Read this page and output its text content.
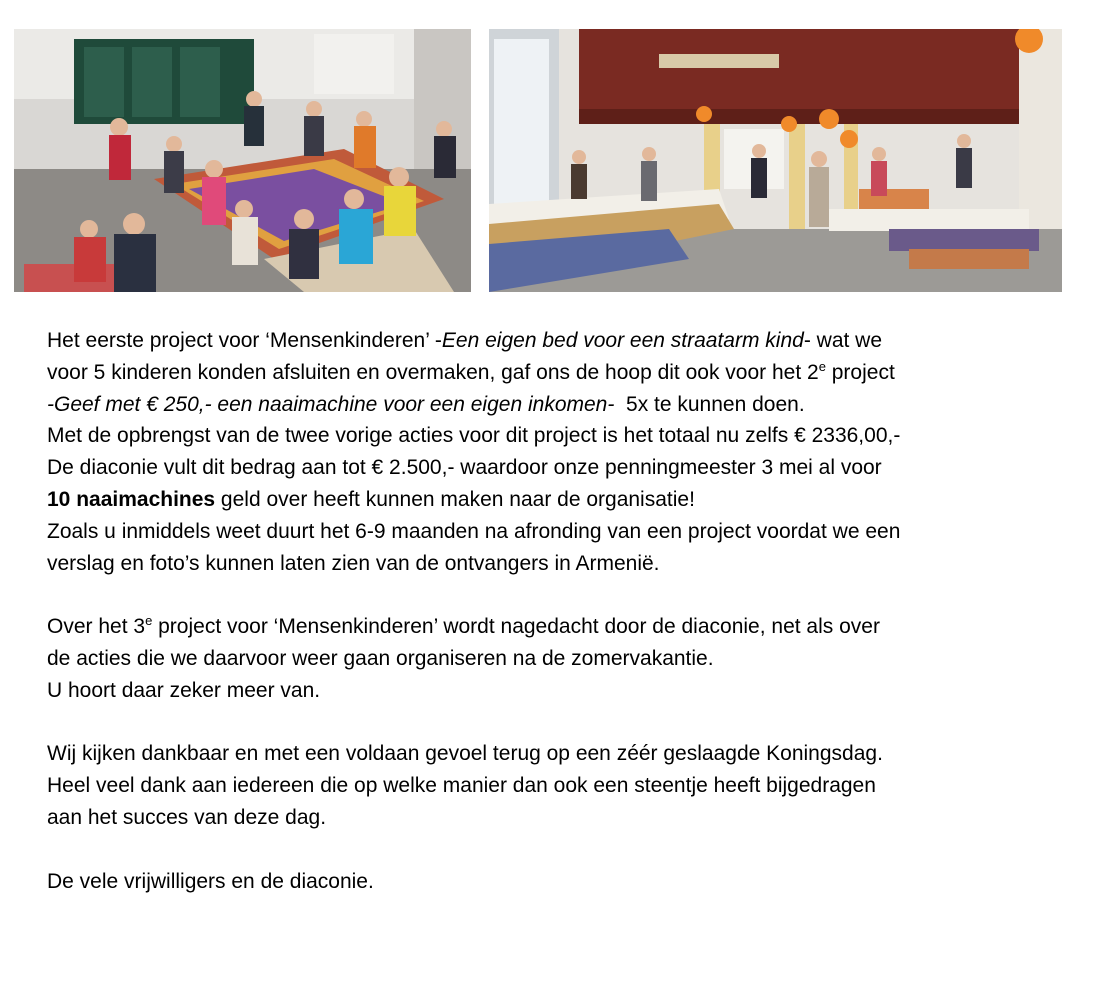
Het eerste project voor ‘Mensenkinderen’ -Een eigen bed voor een straatarm kind- wat we

voor 5 kinderen konden afsluiten en overmaken, gaf ons de hoop dit ook voor het 2e project

-Geef met € 250,- een naaimachine voor een eigen inkomen-  5x te kunnen doen.

Met de opbrengst van de twee vorige acties voor dit project is het totaal nu zelfs € 2336,00,-

De diaconie vult dit bedrag aan tot € 2.500,- waardoor onze penningmeester 3 mei al voor

10 naaimachines geld over heeft kunnen maken naar de organisatie!

Zoals u inmiddels weet duurt het 6-9 maanden na afronding van een project voordat we een

verslag en foto’s kunnen laten zien van de ontvangers in Armenië.

Over het 3e project voor ‘Mensenkinderen’ wordt nagedacht door de diaconie, net als over

de acties die we daarvoor weer gaan organiseren na de zomervakantie.

U hoort daar zeker meer van.

Wij kijken dankbaar en met een voldaan gevoel terug op een zéér geslaagde Koningsdag.

Heel veel dank aan iedereen die op welke manier dan ook een steentje heeft bijgedragen

aan het succes van deze dag.

De vele vrijwilligers en de diaconie.
